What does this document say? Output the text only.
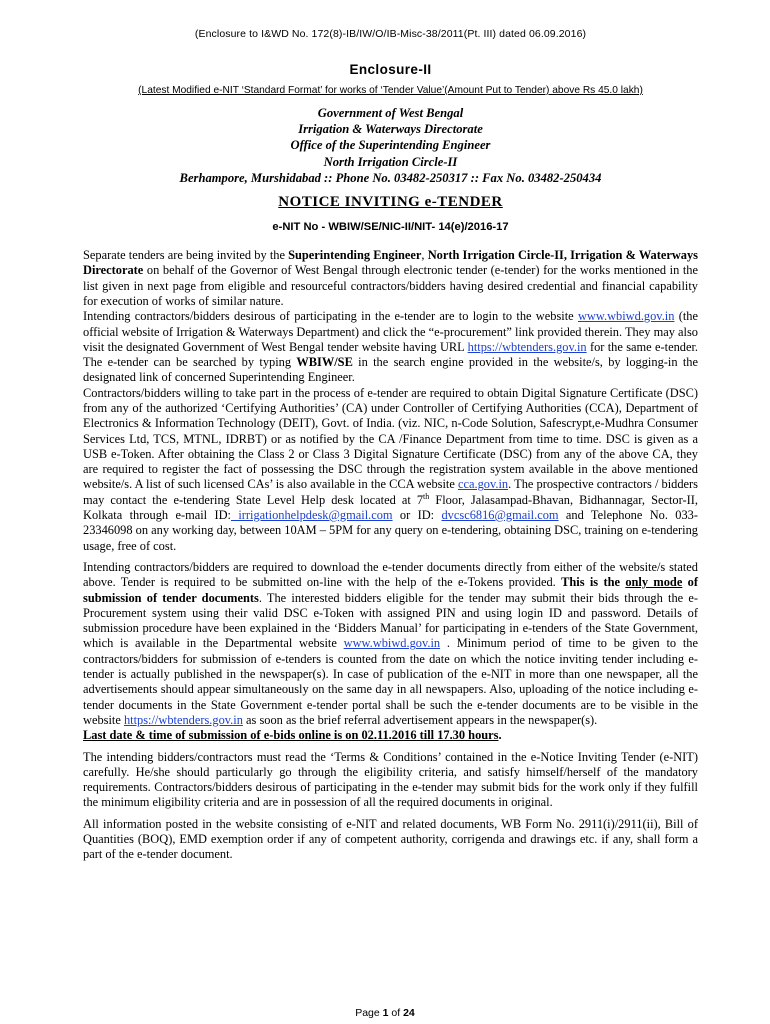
(Enclosure to I&WD No. 172(8)-IB/IW/O/IB-Misc-38/2011(Pt. III) dated 06.09.2016)
Enclosure-II
(Latest Modified e-NIT ‘Standard Format’ for works of ‘Tender Value’(Amount Put to Tender) above Rs 45.0 lakh)
Government of West Bengal
Irrigation & Waterways Directorate
Office of the Superintending Engineer
North Irrigation Circle-II
Berhampore, Murshidabad :: Phone No. 03482-250317 :: Fax No. 03482-250434
NOTICE INVITING e-TENDER
e-NIT No - WBIW/SE/NIC-II/NIT- 14(e)/2016-17

Separate tenders are being invited by the Superintending Engineer, North Irrigation Circle-II, Irrigation & Waterways Directorate on behalf of the Governor of West Bengal through electronic tender (e-tender) for the works mentioned in the list given in next page from eligible and resourceful contractors/bidders having desired credential and financial capability for execution of works of similar nature.

Intending contractors/bidders desirous of participating in the e-tender are to login to the website www.wbiwd.gov.in (the official website of Irrigation & Waterways Department) and click the “e-procurement” link provided therein. They may also visit the designated Government of West Bengal tender website having URL https://wbtenders.gov.in for the same e-tender. The e-tender can be searched by typing WBIW/SE in the search engine provided in the website/s, by logging-in the designated link of concerned Superintending Engineer.

Contractors/bidders willing to take part in the process of e-tender are required to obtain Digital Signature Certificate (DSC) from any of the authorized ‘Certifying Authorities’ (CA) under Controller of Certifying Authorities (CCA), Department of Electronics & Information Technology (DEIT), Govt. of India. (viz. NIC, n-Code Solution, Safescrypt,e-Mudhra Consumer Services Ltd, TCS, MTNL, IDRBT) or as notified by the CA /Finance Department from time to time. DSC is given as a USB e-Token. After obtaining the Class 2 or Class 3 Digital Signature Certificate (DSC) from any of the above CA, they are required to register the fact of possessing the DSC through the registration system available in the above mentioned website/s. A list of such licensed CAs’ is also available in the CCA website cca.gov.in. The prospective contractors / bidders may contact the e-tendering State Level Help desk located at 7th Floor, Jalasampad-Bhavan, Bidhannagar, Sector-II, Kolkata through e-mail ID: irrigationhelpdesk@gmail.com or ID: dvcsc6816@gmail.com and Telephone No. 033-23346098 on any working day, between 10AM – 5PM for any query on e-tendering, obtaining DSC, training on e-tendering usage, free of cost.

Intending contractors/bidders are required to download the e-tender documents directly from either of the website/s stated above. Tender is required to be submitted on-line with the help of the e-Tokens provided. This is the only mode of submission of tender documents. The interested bidders eligible for the tender may submit their bids through the e-Procurement system using their valid DSC e-Token with assigned PIN and using login ID and password. Details of submission procedure have been explained in the ‘Bidders Manual’ for participating in e-tenders of the State Government, which is available in the Departmental website www.wbiwd.gov.in . Minimum period of time to be given to the contractors/bidders for submission of e-tenders is counted from the date on which the notice inviting tender including e-tender is actually published in the newspaper(s). In case of publication of the e-NIT in more than one newspaper, all the advertisements should appear simultaneously on the same day in all newspapers. Also, uploading of the notice including e-tender documents in the State Government e-tender portal shall be such the e-tender documents are to be visible in the website https://wbtenders.gov.in as soon as the brief referral advertisement appears in the newspaper(s).
Last date & time of submission of e-bids online is on 02.11.2016 till 17.30 hours.

The intending bidders/contractors must read the ‘Terms & Conditions’ contained in the e-Notice Inviting Tender (e-NIT) carefully. He/she should particularly go through the eligibility criteria, and satisfy himself/herself of the mandatory requirements. Contractors/bidders desirous of participating in the e-tender may submit bids for the work only if they fulfill the minimum eligibility criteria and are in possession of all the required documents in original.

All information posted in the website consisting of e-NIT and related documents, WB Form No. 2911(i)/2911(ii), Bill of Quantities (BOQ), EMD exemption order if any of competent authority, corrigenda and drawings etc. if any, shall form a part of the e-tender document.

Page 1 of 24
